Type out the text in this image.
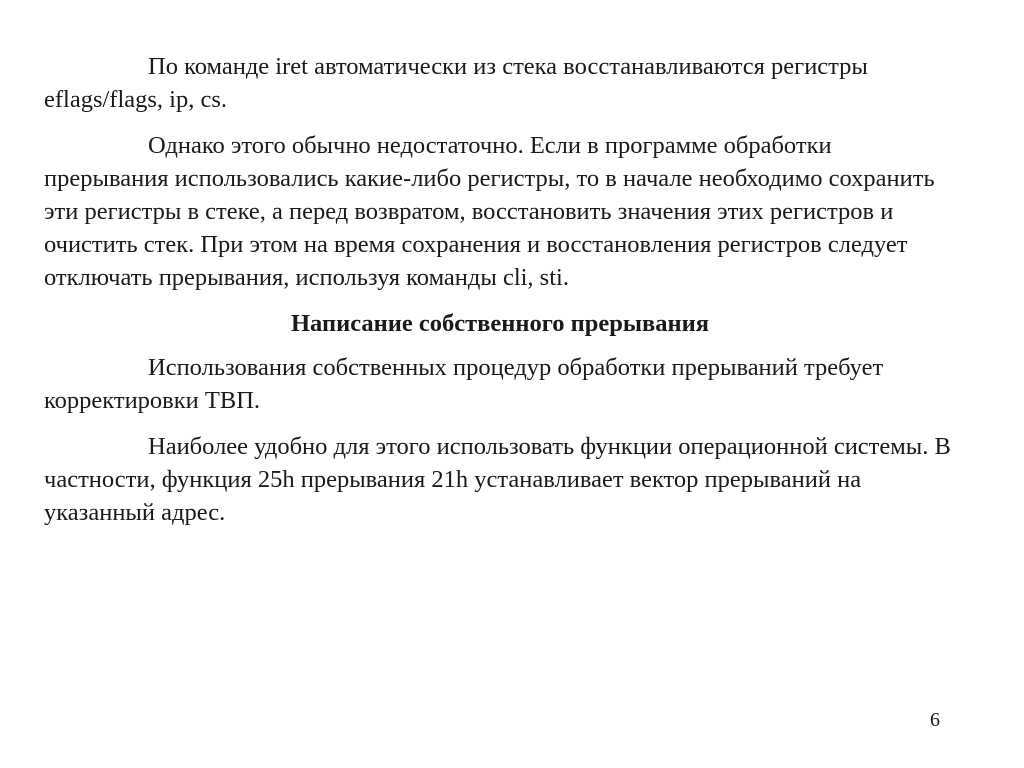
По команде iret автоматически из стека восстанавливаются регистры eflags/flags, ip, cs.

Однако этого обычно недостаточно. Если в программе обработки прерывания использовались какие-либо регистры, то в начале необходимо сохранить эти регистры в стеке, а перед возвратом, восстановить значения этих регистров и очистить стек. При этом на время сохранения и восстановления регистров следует отключать прерывания, используя команды cli, sti.

Написание собственного прерывания

Использования собственных процедур обработки прерываний требует корректировки ТВП.

Наиболее удобно для этого использовать функции операционной системы. В частности, функция 25h прерывания 21h устанавливает вектор прерываний на указанный адрес.

6
